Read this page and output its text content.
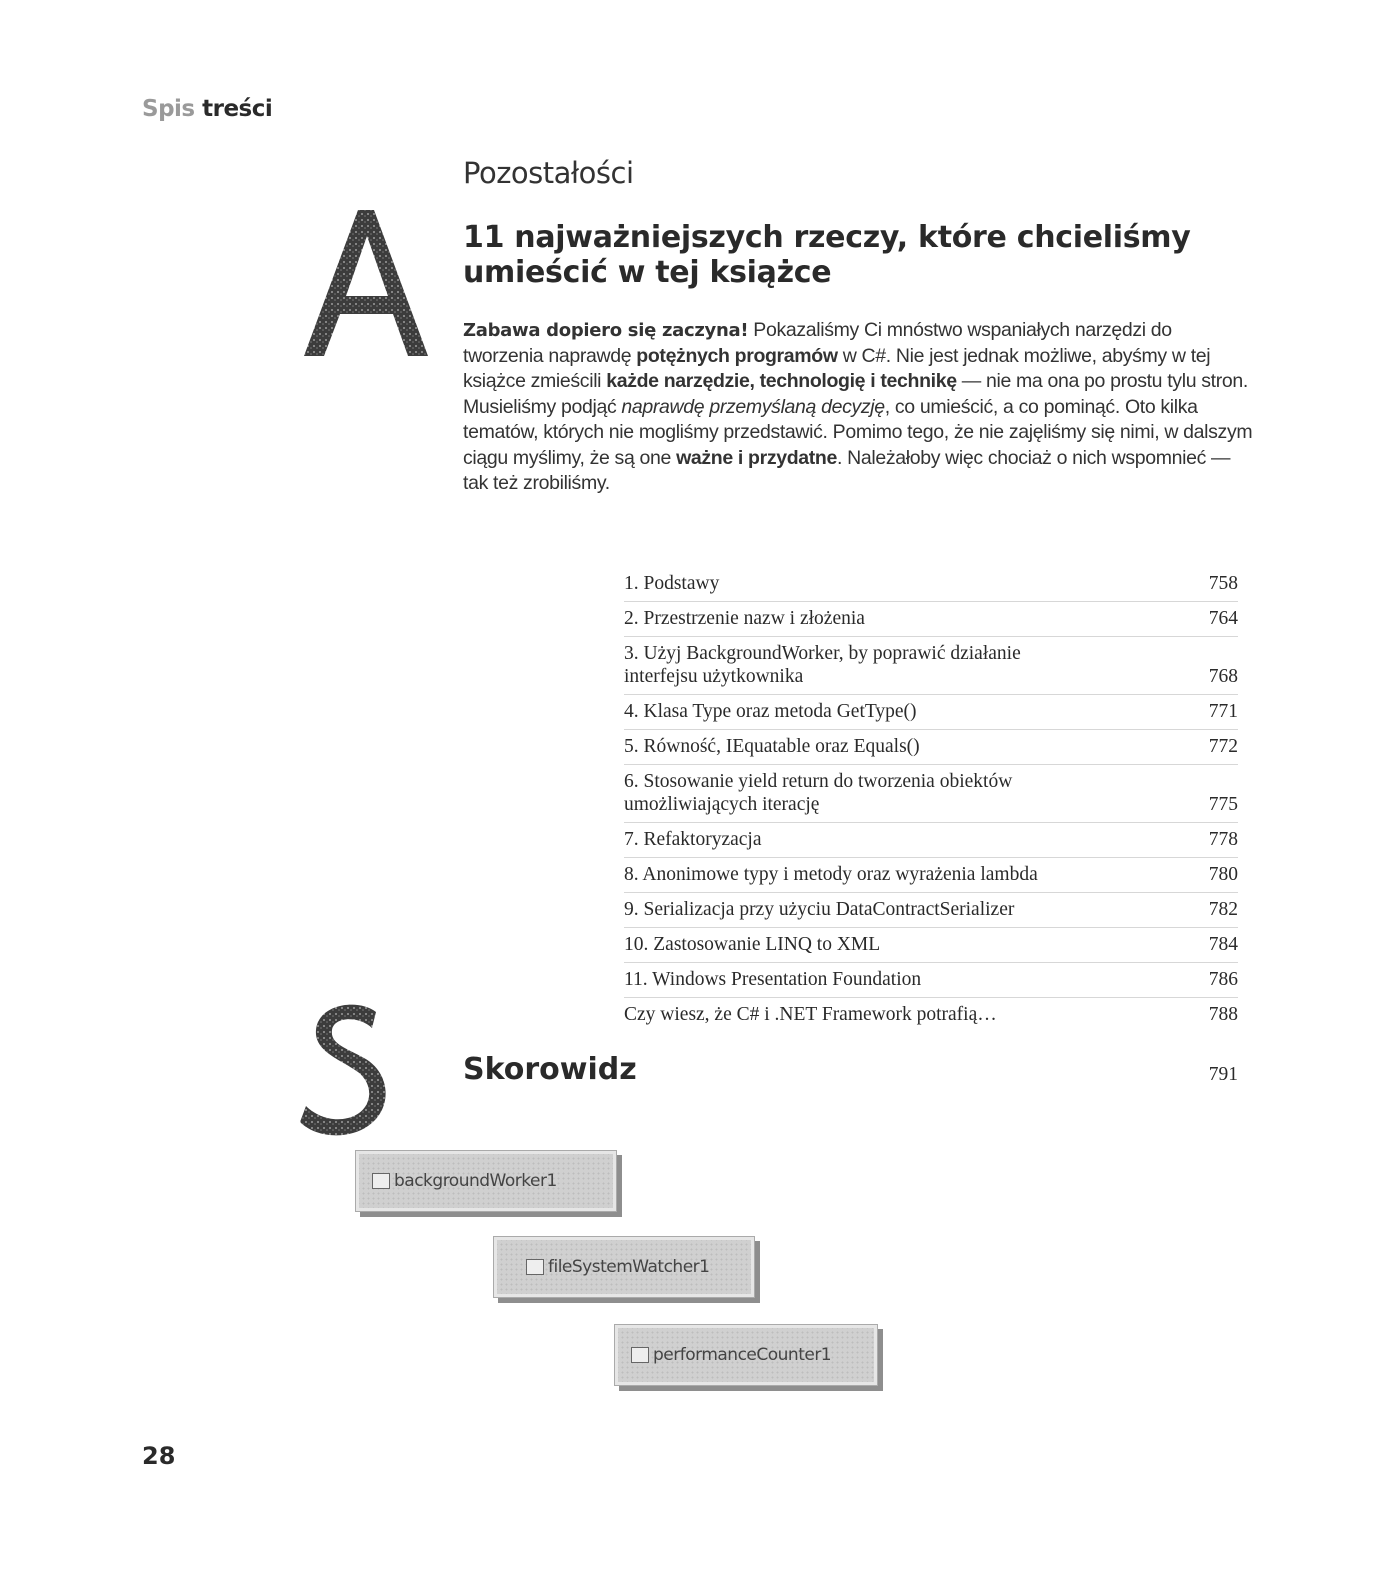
Spis treści
Pozostałości
11 najważniejszych rzeczy, które chcieliśmy umieścić w tej książce
Zabawa dopiero się zaczyna! Pokazaliśmy Ci mnóstwo wspaniałych narzędzi do tworzenia naprawdę potężnych programów w C#. Nie jest jednak możliwe, abyśmy w tej książce zmieścili każde narzędzie, technologię i technikę — nie ma ona po prostu tylu stron. Musieliśmy podjąć naprawdę przemyślaną decyzję, co umieścić, a co pominąć. Oto kilka tematów, których nie mogliśmy przedstawić. Pomimo tego, że nie zajęliśmy się nimi, w dalszym ciągu myślimy, że są one ważne i przydatne. Należałoby więc chociaż o nich wspomnieć — tak też zrobiliśmy.
1. Podstawy	758
2. Przestrzenie nazw i złożenia	764
3. Użyj BackgroundWorker, by poprawić działanie interfejsu użytkownika	768
4. Klasa Type oraz metoda GetType()	771
5. Równość, IEquatable oraz Equals()	772
6. Stosowanie yield return do tworzenia obiektów umożliwiających iterację	775
7. Refaktoryzacja	778
8. Anonimowe typy i metody oraz wyrażenia lambda	780
9. Serializacja przy użyciu DataContractSerializer	782
10. Zastosowanie LINQ to XML	784
11. Windows Presentation Foundation	786
Czy wiesz, że C# i .NET Framework potrafią…	788
Skorowidz	791
backgroundWorker1
fileSystemWatcher1
performanceCounter1
28
